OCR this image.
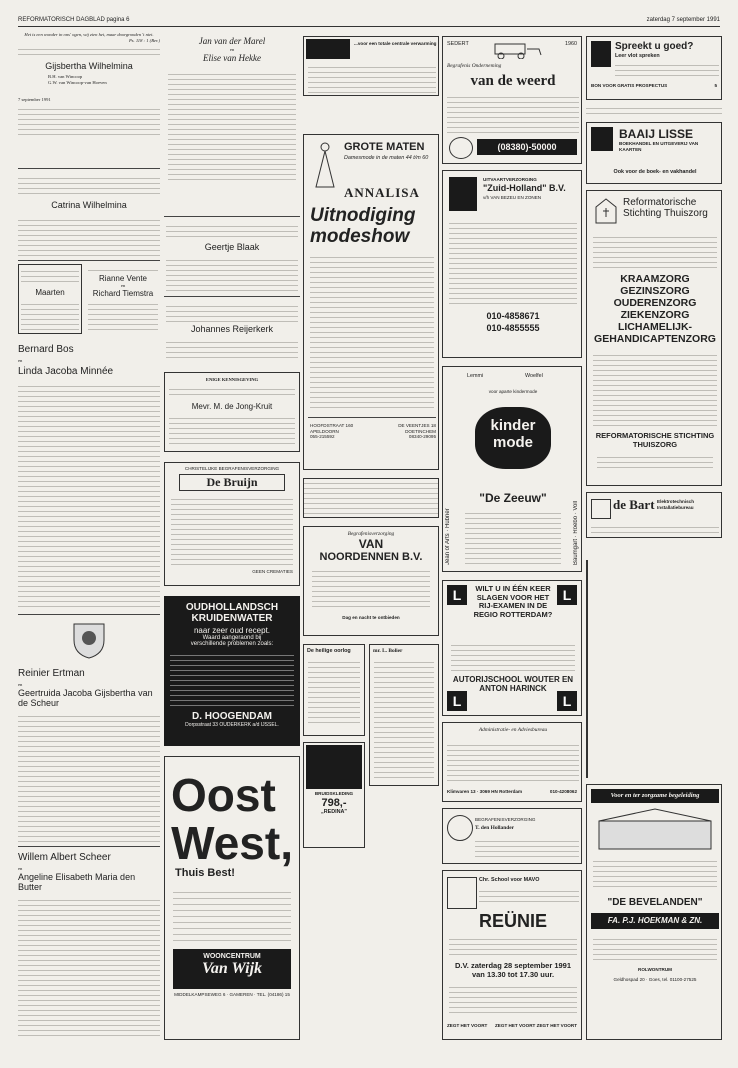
REFORMATORISCH DAGBLAD pagina 6	zaterdag 7 september 1991
Het is een wonder in ons' ogen, wij zien het, maar doorgronden 't niet.
Ps. 118 : 1 (Ber.)
Gijsbertha Wilhelmina
B.H. van Wincoop
G.W. van Wincoop-van Hoeven
7 september 1991
Catrina Wilhelmina
Maarten
Rianne Vente
en
Richard Tiemstra
Bernard Bos
en
Linda Jacoba Minnée
Reinier Ertman
en
Geertruida Jacoba Gijsbertha van de Scheur
Willem Albert Scheer
en
Angeline Elisabeth Maria den Butter
Jan van der Marel
en
Elise van Hekke
Geertje Blaak
Johannes Reijerkerk
ENIGE KENNISGEVING
Mevr. M. de Jong-Kruit
CHRISTELIJKE BEGRAFENISVERZORGING
De Bruijn
GEEN CREMATIES
OUDHOLLANDSCH
KRUIDENWATER
naar zeer oud recept.
Waard aangeraond bij
verschillende problemen zoals:
D. HOOGENDAM
Dorpsstraat 33 OUDERKERK a/d IJSSEL.
Oost
West,
Thuis Best!
WOONCENTRUM
Van Wijk
MIDDELKAMPSEWEG 6 · GAMEREN · TEL. (04186) 15
...voor een totale centrale verwarming
GROTE MATEN
Damesmode in de maten 44 t/m 60
ANNALISA
Uitnodiging modeshow
HOOFDSTRAAT 160
APELDOORN
055-215592
DE VEENTJES 18
DOETINCHEM
08340-29095
Begrafenisverzorging
VAN
NOORDENNEN B.V.
Dag en nacht te ontbieden
De heilige oorlog	mr. L. Bolier
BRUIDSKLEDING
798,-
„REDINA"
SEDERT	1960
Begrafenis Onderneming
van de weerd
(08380)-50000
UITVAARTVERZORGING
"Zuid-Holland" B.V.
v/h VAN BEZEU EN ZONEN
010-4858671
010-4855555
Jean of Arts · Hübner	Baumgart · Roebo · Voll
Lemmi	Woelfel
voor aparte kindermode
kinder
mode
"De Zeeuw"
L	L
WILT U IN ÉÉN KEER SLAGEN VOOR HET RIJ-EXAMEN IN DE REGIO ROTTERDAM?
AUTORIJSCHOOL WOUTER EN ANTON HARINCK
L	L
Administratie- en Adviesbureau
Klimvaren 13 · 3069 HN Rotterdam	010-4208062
BEGRAFENISVERZORGING
T. den Hollander
Chr. School voor MAVO
REÜNIE
D.V. zaterdag 28 september 1991 van 13.30 tot 17.30 uur.
ZEGT HET VOORT ZEGT HET VOORT ZEGT HET VOORT
Spreekt u goed?
Leer vlot spreken
BON VOOR GRATIS PROSPECTUS	5
BAAIJ LISSE
BOEKHANDEL EN UITGEVERIJ VAN KAARTEN
Ook voor de boek- en vakhandel
Reformatorische Stichting Thuiszorg
KRAAMZORG
GEZINSZORG
OUDERENZORG
ZIEKENZORG
LICHAMELIJK-
GEHANDICAPTENZORG
REFORMATORISCHE STICHTING THUISZORG
de Bart Elektrotechnisch Installatiebureau
Voor en ter zorgzame begeleiding
"DE BEVELANDEN"
FA. P.J. HOEKMAN & ZN.
ROLWONTRUM
Geldhospad 20 · Goes, tel. 01100-27525
